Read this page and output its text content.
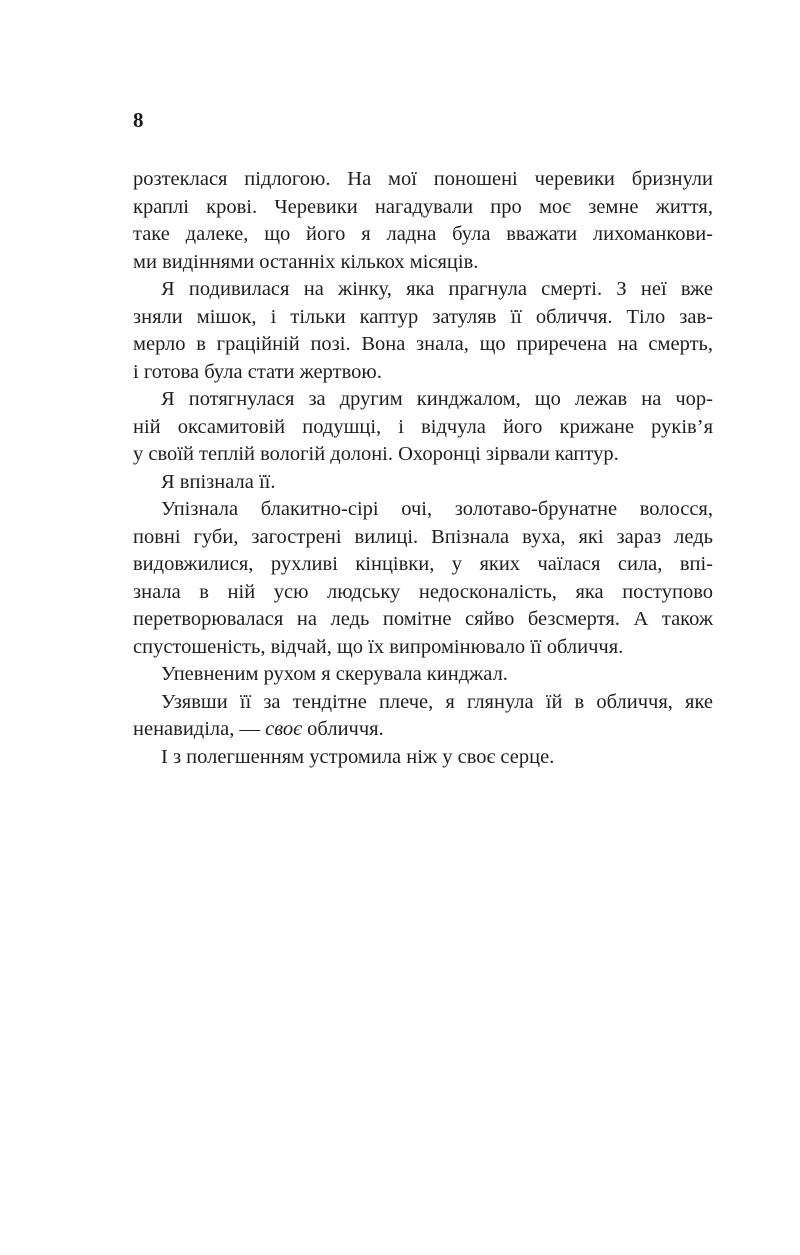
8
розтеклася підлогою. На мої поношені черевики бризнули
краплі крові. Черевики нагадували про моє земне життя,
таке далеке, що його я ладна була вважати лихоманкови-
ми видіннями останніх кількох місяців.
Я подивилася на жінку, яка прагнула смерті. З неї вже
зняли мішок, і тільки каптур затуляв її обличчя. Тіло зав-
мерло в граційній позі. Вона знала, що приречена на смерть,
і готова була стати жертвою.
Я потягнулася за другим кинджалом, що лежав на чор-
ній оксамитовій подушці, і відчула його крижане руків’я
у своїй теплій вологій долоні. Охоронці зірвали каптур.
Я впізнала її.
Упізнала блакитно-сірі очі, золотаво-брунатне волосся,
повні губи, загострені вилиці. Впізнала вуха, які зараз ледь
видовжилися, рухливі кінцівки, у яких чаїлася сила, впі-
знала в ній усю людську недосконалість, яка поступово
перетворювалася на ледь помітне сяйво безсмертя. А також
спустошеність, відчай, що їх випромінювало її обличчя.
Упевненим рухом я скерувала кинджал.
Узявши її за тендітне плече, я глянула їй в обличчя, яке
ненавиділа, — своє обличчя.
І з полегшенням устромила ніж у своє серце.
